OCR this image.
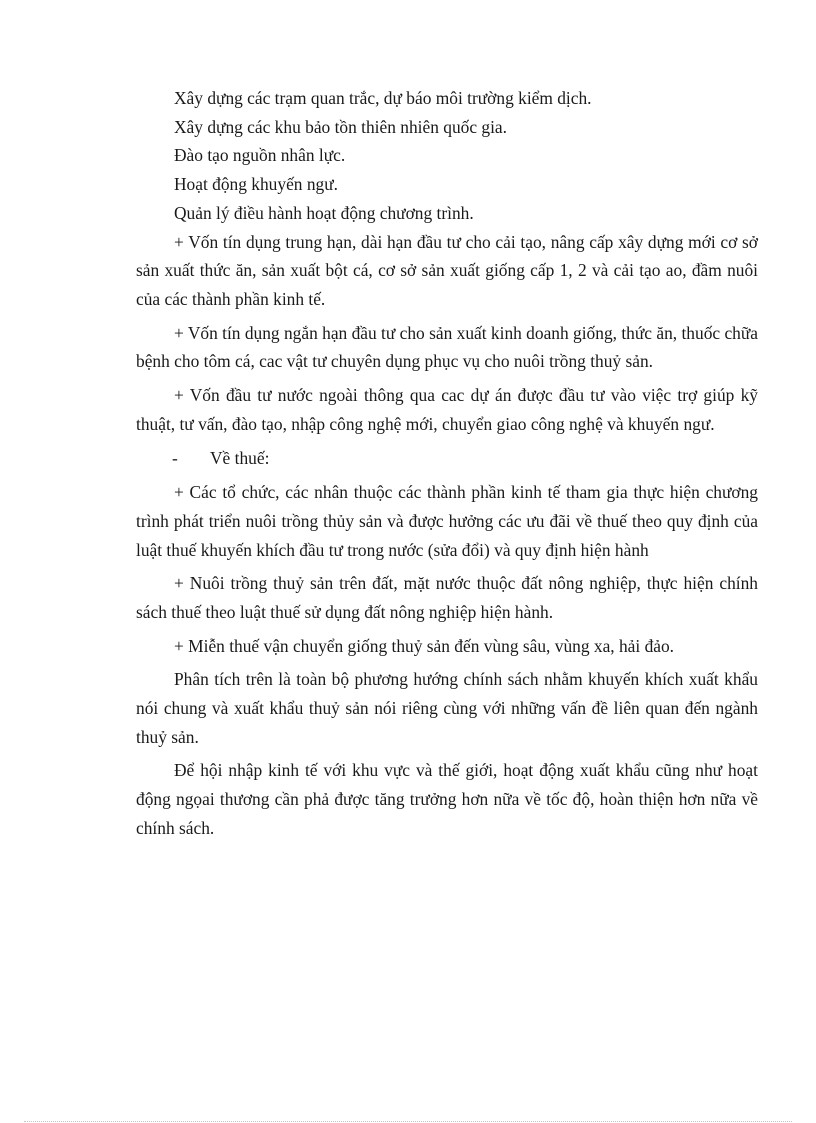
Xây dựng các trạm quan trắc, dự báo môi trường kiểm dịch.

Xây dựng các khu bảo tồn thiên nhiên quốc gia.

Đào tạo nguồn nhân lực.

Hoạt động khuyến ngư.

Quản lý điều hành hoạt động chương trình.

+ Vốn tín dụng trung hạn, dài hạn đầu tư cho cải tạo, nâng cấp xây dựng mới cơ sở sản xuất thức ăn, sản xuất bột cá, cơ sở sản xuất giống cấp 1, 2 và cải tạo ao, đầm nuôi của các thành phần kinh tế.

+ Vốn tín dụng ngắn hạn đầu tư cho sản xuất kinh doanh giống, thức ăn, thuốc chữa bệnh cho tôm cá, cac vật tư chuyên dụng phục vụ cho nuôi trồng thuỷ sản.

+ Vốn đầu tư nước ngoài thông qua cac dự án được đầu tư vào việc trợ giúp kỹ thuật, tư vấn, đào tạo, nhập công nghệ mới, chuyển giao công nghệ và khuyến ngư.

-	Về thuế:

+ Các tổ chức, các nhân thuộc các thành phần kinh tế tham gia thực hiện chương trình phát triển nuôi trồng thủy sản và được hưởng các ưu đãi về thuế theo quy định của luật thuế khuyến khích đầu tư trong nước (sửa đổi) và quy định hiện hành

+ Nuôi trồng thuỷ sản trên đất, mặt nước thuộc đất nông nghiệp, thực hiện chính sách thuế theo luật thuế sử dụng đất nông nghiệp hiện hành.

+ Miễn thuế vận chuyển giống thuỷ sản đến vùng sâu, vùng xa, hải đảo.

Phân tích trên là toàn bộ phương hướng chính sách nhằm khuyến khích xuất khẩu nói chung và xuất khẩu thuỷ sản nói riêng cùng với những vấn đề liên quan đến ngành thuỷ sản.

Để hội nhập kinh tế với khu vực và thế giới, hoạt động xuất khẩu cũng như hoạt động ngọai thương cần phả được tăng trưởng hơn nữa về tốc độ, hoàn thiện hơn nữa về chính sách.
